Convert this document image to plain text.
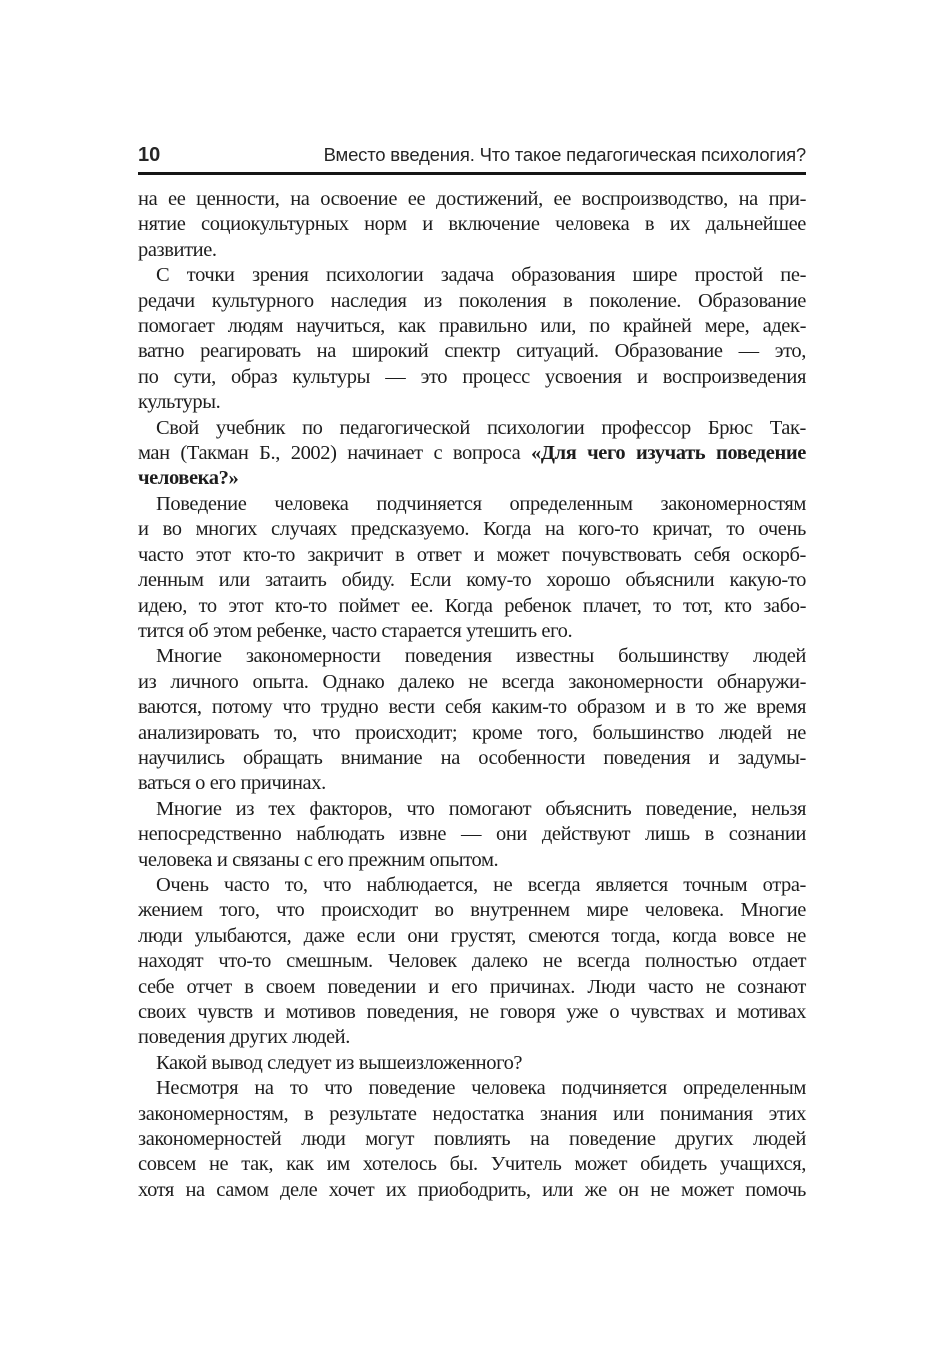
10	Вместо введения. Что такое педагогическая психология?
на ее ценности, на освоение ее достижений, ее воспроизводство, на при-
нятие социокультурных норм и включение человека в их дальнейшее
развитие.
С точки зрения психологии задача образования шире простой пе-
редачи культурного наследия из поколения в поколение. Образование
помогает людям научиться, как правильно или, по крайней мере, адек-
ватно реагировать на широкий спектр ситуаций. Образование — это,
по сути, образ культуры — это процесс усвоения и воспроизведения
культуры.
Свой учебник по педагогической психологии профессор Брюс Так-
ман (Такман Б., 2002) начинает с вопроса «Для чего изучать поведение
человека?»
Поведение человека подчиняется определенным закономерностям
и во многих случаях предсказуемо. Когда на кого-то кричат, то очень
часто этот кто-то закричит в ответ и может почувствовать себя оскорб-
ленным или затаить обиду. Если кому-то хорошо объяснили какую-то
идею, то этот кто-то поймет ее. Когда ребенок плачет, то тот, кто забо-
тится об этом ребенке, часто старается утешить его.
Многие закономерности поведения известны большинству людей
из личного опыта. Однако далеко не всегда закономерности обнаружи-
ваются, потому что трудно вести себя каким-то образом и в то же время
анализировать то, что происходит; кроме того, большинство людей не
научились обращать внимание на особенности поведения и задумы-
ваться о его причинах.
Многие из тех факторов, что помогают объяснить поведение, нельзя
непосредственно наблюдать извне — они действуют лишь в сознании
человека и связаны с его прежним опытом.
Очень часто то, что наблюдается, не всегда является точным отра-
жением того, что происходит во внутреннем мире человека. Многие
люди улыбаются, даже если они грустят, смеются тогда, когда вовсе не
находят что-то смешным. Человек далеко не всегда полностью отдает
себе отчет в своем поведении и его причинах. Люди часто не сознают
своих чувств и мотивов поведения, не говоря уже о чувствах и мотивах
поведения других людей.
Какой вывод следует из вышеизложенного?
Несмотря на то что поведение человека подчиняется определенным
закономерностям, в результате недостатка знания или понимания этих
закономерностей люди могут повлиять на поведение других людей
совсем не так, как им хотелось бы. Учитель может обидеть учащихся,
хотя на самом деле хочет их приободрить, или же он не может помочь
